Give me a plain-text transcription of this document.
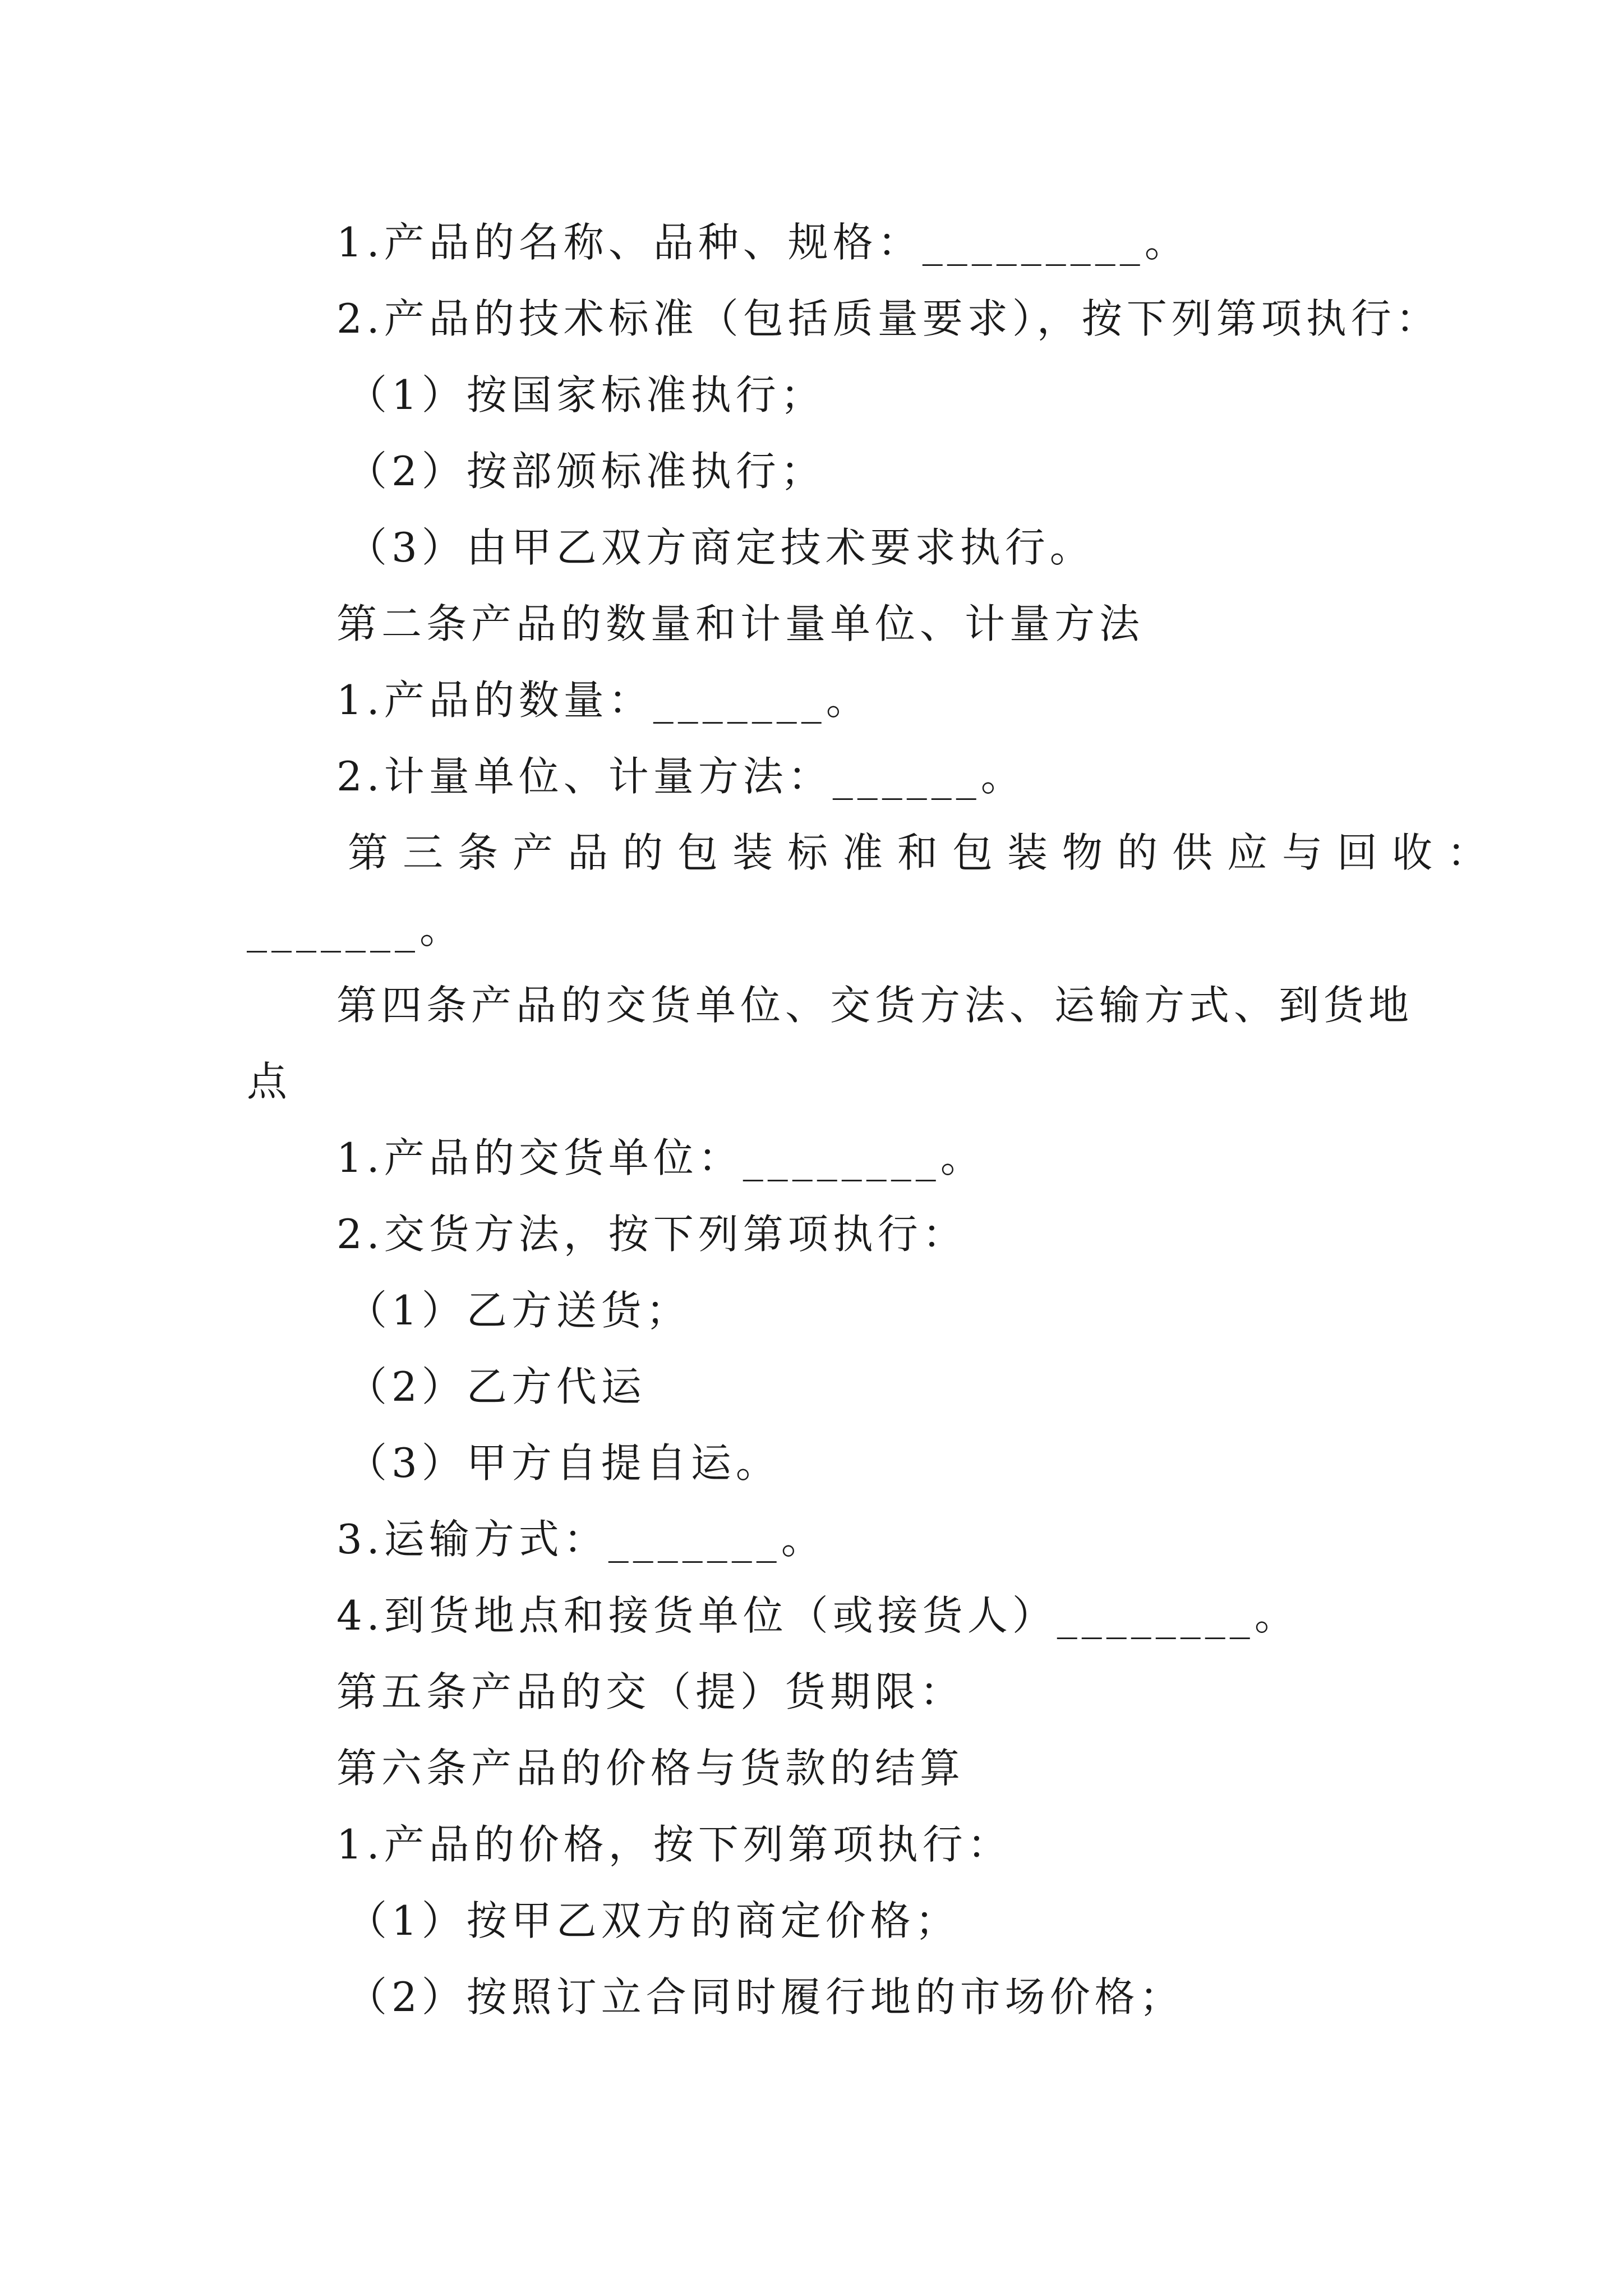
1.产品的名称、品种、规格：_________。

2.产品的技术标准（包括质量要求），按下列第项执行：

（1）按国家标准执行；

（2）按部颁标准执行；

（3）由甲乙双方商定技术要求执行。

第二条产品的数量和计量单位、计量方法

1.产品的数量：_______。

2.计量单位、计量方法：______。

第三条产品的包装标准和包装物的供应与回收：

_______。

第四条产品的交货单位、交货方法、运输方式、到货地

点

1.产品的交货单位：________。

2.交货方法，按下列第项执行：

（1）乙方送货；

（2）乙方代运

（3）甲方自提自运。

3.运输方式：_______。

4.到货地点和接货单位（或接货人）________。

第五条产品的交（提）货期限：

第六条产品的价格与货款的结算

1.产品的价格，按下列第项执行：

（1）按甲乙双方的商定价格；

（2）按照订立合同时履行地的市场价格；
